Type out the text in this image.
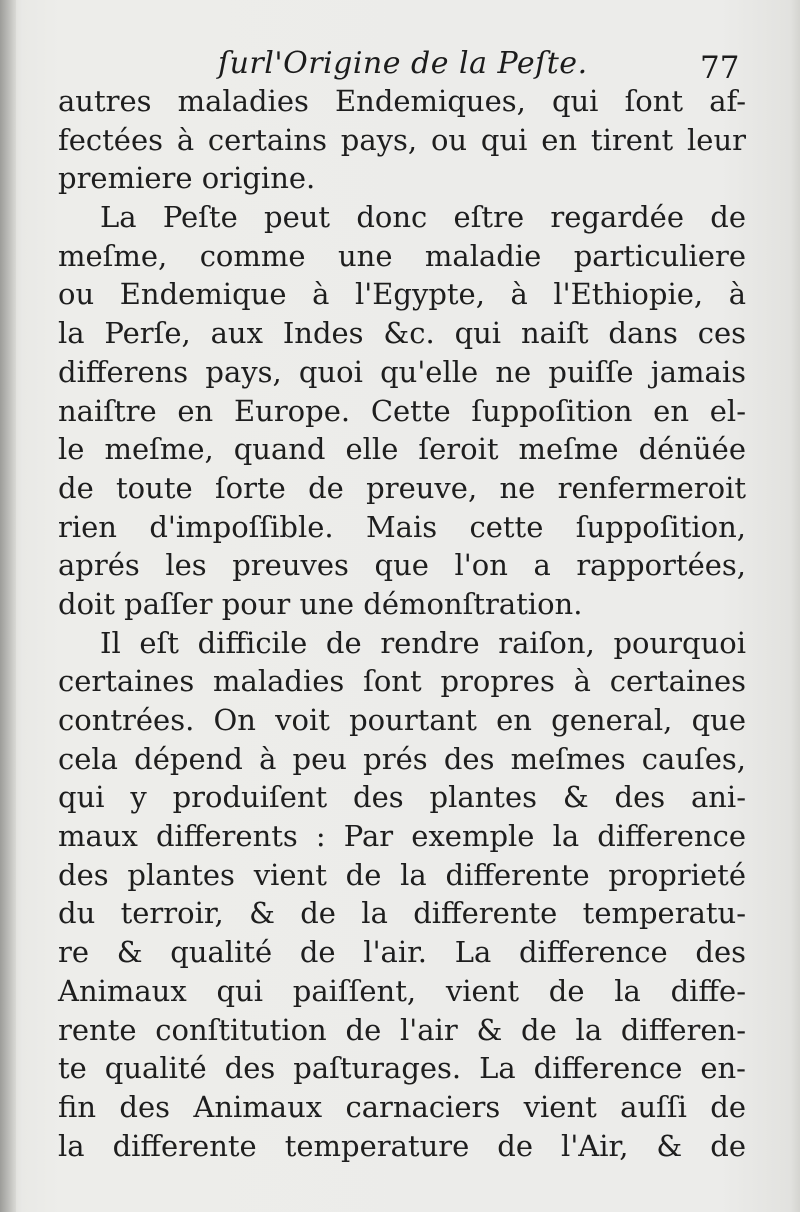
ſurl'Origine de la Peſte.	77
autres maladies Endemiques, qui ſont af-
fectées à certains pays, ou qui en tirent leur
premiere origine.
La Peſte peut donc eſtre regardée de
meſme, comme une maladie particuliere
ou Endemique à l'Egypte, à l'Ethiopie, à
la Perſe, aux Indes &c. qui naiſt dans ces
differens pays, quoi qu'elle ne puiſſe jamais
naiſtre en Europe. Cette ſuppoſition en el-
le meſme, quand elle ſeroit meſme dénüée
de toute ſorte de preuve, ne renfermeroit
rien d'impoſſible. Mais cette ſuppoſition,
aprés les preuves que l'on a rapportées,
doit paſſer pour une démonſtration.
Il eſt difficile de rendre raiſon, pourquoi
certaines maladies ſont propres à certaines
contrées. On voit pourtant en general, que
cela dépend à peu prés des meſmes cauſes,
qui y produiſent des plantes & des ani-
maux differents : Par exemple la difference
des plantes vient de la differente proprieté
du terroir, & de la differente temperatu-
re & qualité de l'air. La difference des
Animaux qui paiſſent, vient de la diffe-
rente conſtitution de l'air & de la differen-
te qualité des paſturages. La difference en-
fin des Animaux carnaciers vient auſſi de
la differente temperature de l'Air, & de
